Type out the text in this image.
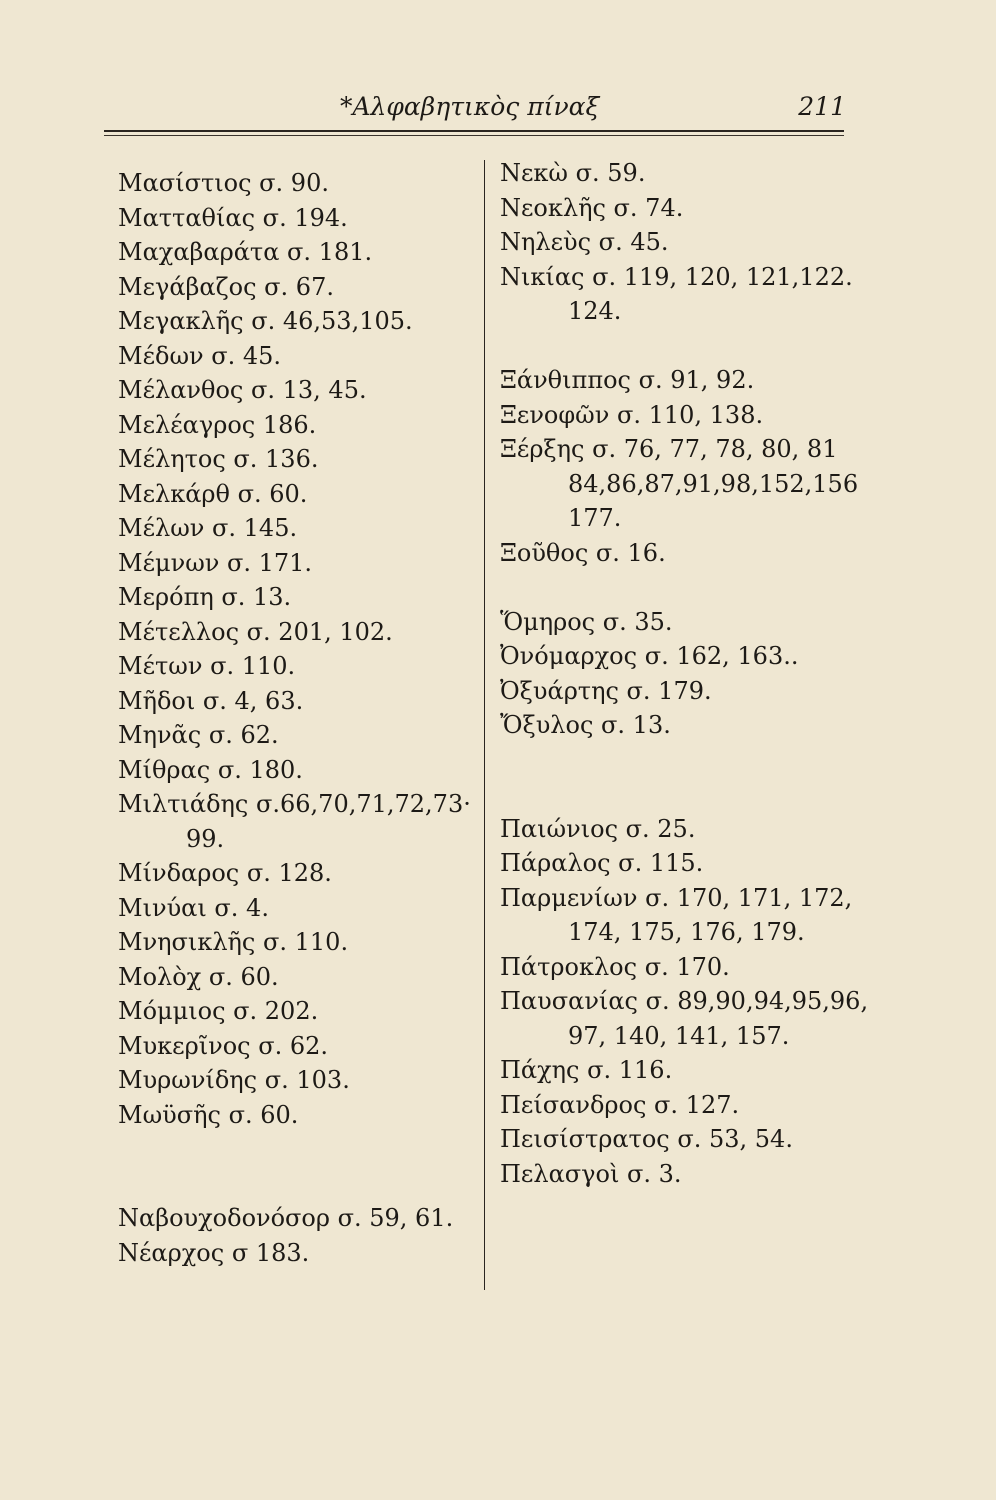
*Αλφαβητικὸς πίναξ	211
Μασίστιος σ. 90.
Ματταθίας σ. 194.
Μαχαβαράτα σ. 181.
Μεγάβαζος σ. 67.
Μεγακλῆς σ. 46,53,105.
Μέδων σ. 45.
Μέλανθος σ. 13, 45.
Μελέαγρος 186.
Μέλητος σ. 136.
Μελκάρθ σ. 60.
Μέλων σ. 145.
Μέμνων σ. 171.
Μερόπη σ. 13.
Μέτελλος σ. 201, 102.
Μέτων σ. 110.
Μῆδοι σ. 4, 63.
Μηνᾶς σ. 62.
Μίθρας σ. 180.
Μιλτιάδης σ.66,70,71,72,73·
99.
Μίνδαρος σ. 128.
Μινύαι σ. 4.
Μνησικλῆς σ. 110.
Μολὸχ σ. 60.
Μόμμιος σ. 202.
Μυκερῖνος σ. 62.
Μυρωνίδης σ. 103.
Μωϋσῆς σ. 60.
Ναβουχοδονόσορ σ. 59, 61.
Νέαρχος σ 183.
Νεκὼ σ. 59.
Νεοκλῆς σ. 74.
Νηλεὺς σ. 45.
Νικίας σ. 119, 120, 121,122.
124.
Ξάνθιππος σ. 91, 92.
Ξενοφῶν σ. 110, 138.
Ξέρξης σ. 76, 77, 78, 80, 81
84,86,87,91,98,152,156
177.
Ξοῦθος σ. 16.
Ὅμηρος σ. 35.
Ὀνόμαρχος σ. 162, 163..
Ὀξυάρτης σ. 179.
Ὄξυλος σ. 13.
Παιώνιος σ. 25.
Πάραλος σ. 115.
Παρμενίων σ. 170, 171, 172,
174, 175, 176, 179.
Πάτροκλος σ. 170.
Παυσανίας σ. 89,90,94,95,96,
97, 140, 141, 157.
Πάχης σ. 116.
Πείσανδρος σ. 127.
Πεισίστρατος σ. 53, 54.
Πελασγοὶ σ. 3.
